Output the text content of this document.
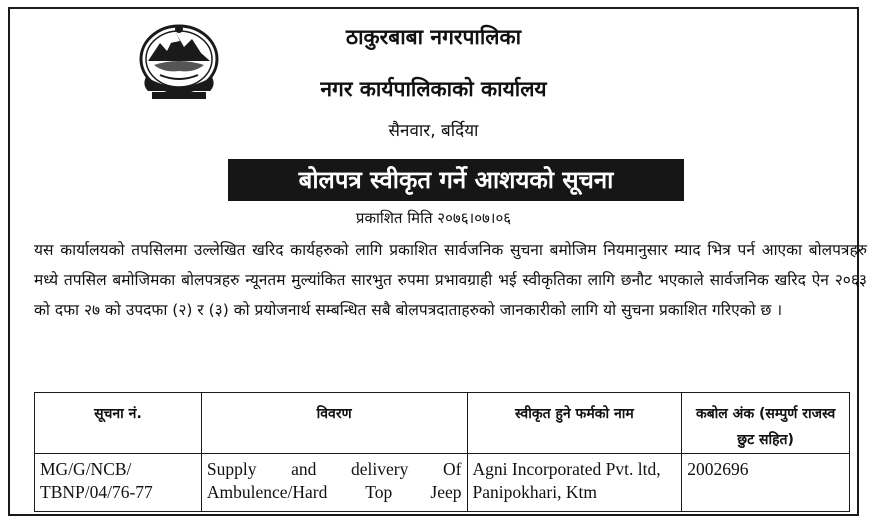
ठाकुरबाबा नगरपालिका
नगर कार्यपालिकाको कार्यालय
सैनवार, बर्दिया
बोलपत्र स्वीकृत गर्ने आशयको सूचना
प्रकाशित मिति २०७६।०७।०६

यस कार्यालयको तपसिलमा उल्लेखित खरिद कार्यहरुको लागि प्रकाशित सार्वजनिक सुचना बमोजिम नियमानुसार म्याद भित्र पर्न आएका बोलपत्रहरु मध्ये तपसिल बमोजिमका बोलपत्रहरु न्यूनतम मुल्यांकित सारभुत रुपमा प्रभावग्राही भई स्वीकृतिका लागि छनौट भएकाले सार्वजनिक खरिद ऐन २०६३ को दफा २७ को उपदफा (२) र (३) को प्रयोजनार्थ सम्बन्धित सबै बोलपत्रदाताहरुको जानकारीको लागि यो सुचना प्रकाशित गरिएको छ ।

सूचना नं.	विवरण	स्वीकृत हुने फर्मको नाम	कबोल अंक (सम्पुर्ण राजस्व छुट सहित)
MG/G/NCB/ TBNP/04/76-77	Supply and delivery Of Ambulence/Hard Top Jeep	Agni Incorporated Pvt. ltd, Panipokhari, Ktm	2002696
